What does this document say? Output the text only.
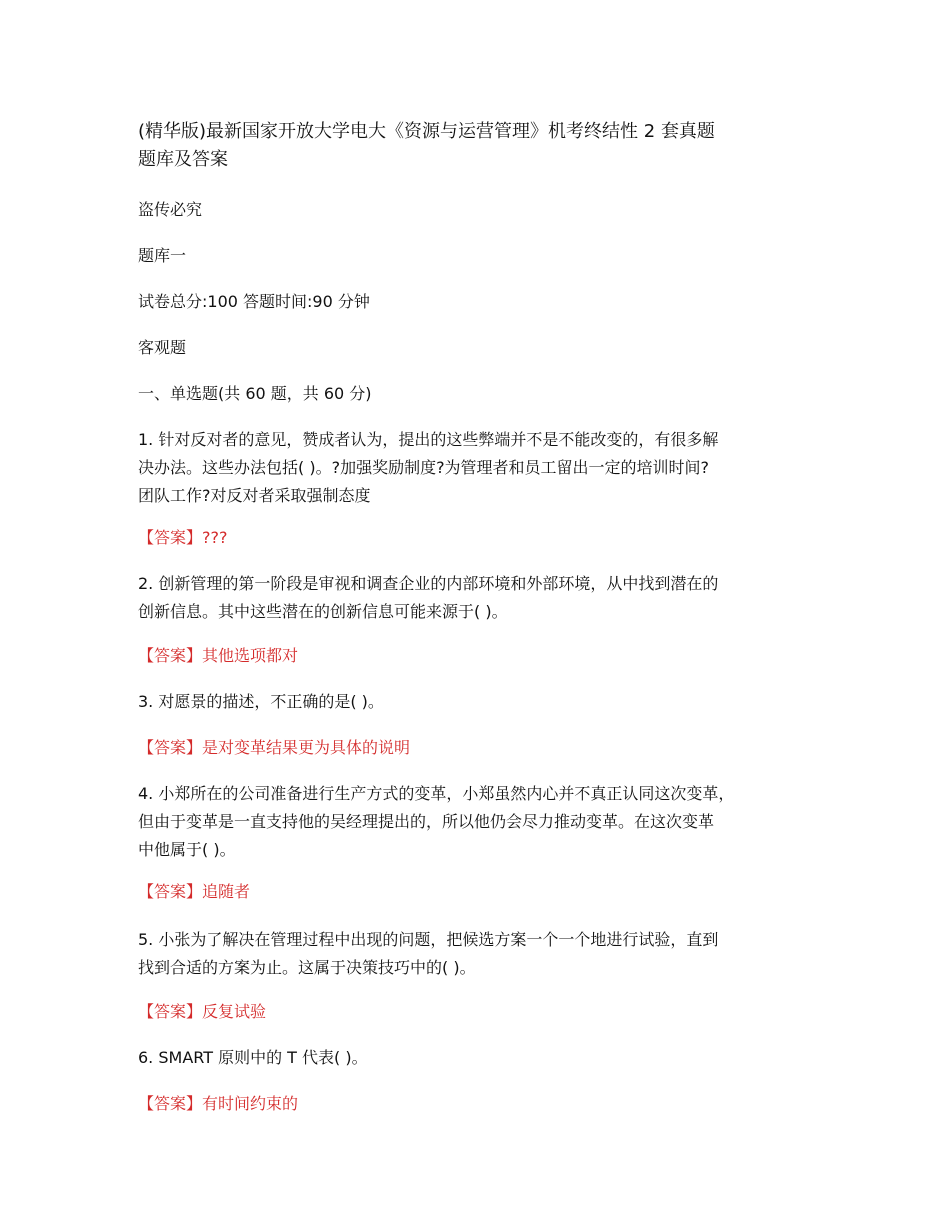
(精华版)最新国家开放大学电大《资源与运营管理》机考终结性 2 套真题
题库及答案

盗传必究

题库一

试卷总分:100 答题时间:90 分钟

客观题

一、单选题(共 60 题，共 60 分)

1. 针对反对者的意见，赞成者认为，提出的这些弊端并不是不能改变的，有很多解
决办法。这些办法包括( )。?加强奖励制度?为管理者和员工留出一定的培训时间?
团队工作?对反对者采取强制态度
【答案】???
2. 创新管理的第一阶段是审视和调查企业的内部环境和外部环境，从中找到潜在的
创新信息。其中这些潜在的创新信息可能来源于( )。
【答案】其他选项都对
3. 对愿景的描述，不正确的是( )。
【答案】是对变革结果更为具体的说明
4. 小郑所在的公司准备进行生产方式的变革，小郑虽然内心并不真正认同这次变革，
但由于变革是一直支持他的吴经理提出的，所以他仍会尽力推动变革。在这次变革
中他属于( )。
【答案】追随者
5. 小张为了解决在管理过程中出现的问题，把候选方案一个一个地进行试验，直到
找到合适的方案为止。这属于决策技巧中的( )。
【答案】反复试验
6. SMART 原则中的 T 代表( )。
【答案】有时间约束的
